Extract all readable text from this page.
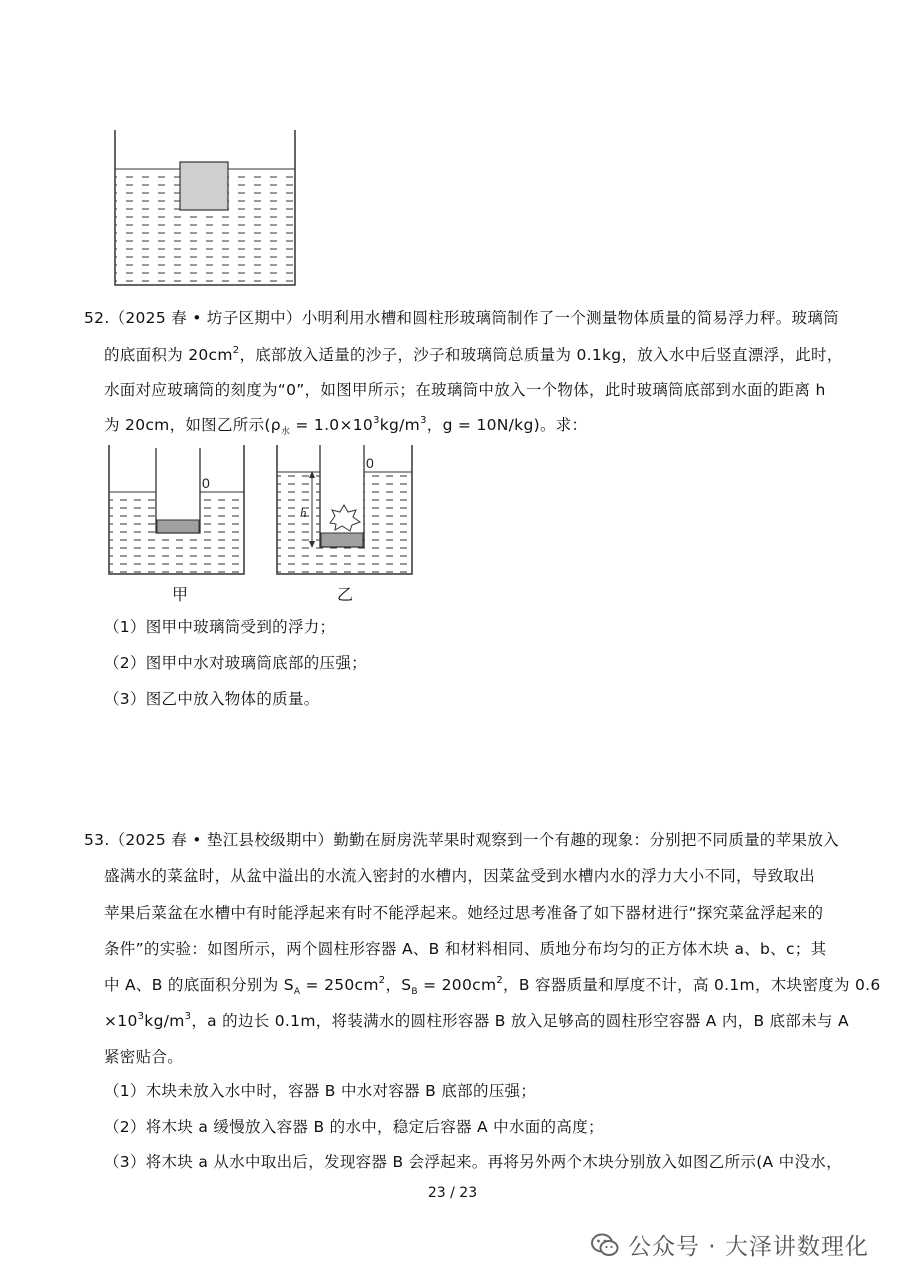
52.（2025 春 • 坊子区期中）小明利用水槽和圆柱形玻璃筒制作了一个测量物体质量的简易浮力秤。玻璃筒
的底面积为 $20cm^2$，底部放入适量的沙子，沙子和玻璃筒总质量为 0.1kg，放入水中后竖直漂浮，此时，
水面对应玻璃筒的刻度为“0”，如图甲所示；在玻璃筒中放入一个物体，此时玻璃筒底部到水面的距离 h
为 20cm，如图乙所示($\rho_水 = 1.0\times 10^3kg/m^3$，g = 10N/kg)。求：
0
h
0
甲	乙
（1）图甲中玻璃筒受到的浮力；
（2）图甲中水对玻璃筒底部的压强；
（3）图乙中放入物体的质量。
53.（2025 春 • 垫江县校级期中）勤勤在厨房洗苹果时观察到一个有趣的现象：分别把不同质量的苹果放入
盛满水的菜盆时，从盆中溢出的水流入密封的水槽内，因菜盆受到水槽内水的浮力大小不同，导致取出
苹果后菜盆在水槽中有时能浮起来有时不能浮起来。她经过思考准备了如下器材进行“探究菜盆浮起来的
条件”的实验：如图所示，两个圆柱形容器 A、B 和材料相同、质地分布均匀的正方体木块 a、b、c；其
中 A、B 的底面积分别为 $S_A = 250cm^2$，$S_B = 200cm^2$，B 容器质量和厚度不计，高 0.1m，木块密度为 0.6
$\times 10^3kg/m^3$，a 的边长 0.1m，将装满水的圆柱形容器 B 放入足够高的圆柱形空容器 A 内，B 底部未与 A
紧密贴合。
（1）木块未放入水中时，容器 B 中水对容器 B 底部的压强；
（2）将木块 a 缓慢放入容器 B 的水中，稳定后容器 A 中水面的高度；
（3）将木块 a 从水中取出后，发现容器 B 会浮起来。再将另外两个木块分别放入如图乙所示(A 中没水，
23 / 23
公众号 · 大泽讲数理化
